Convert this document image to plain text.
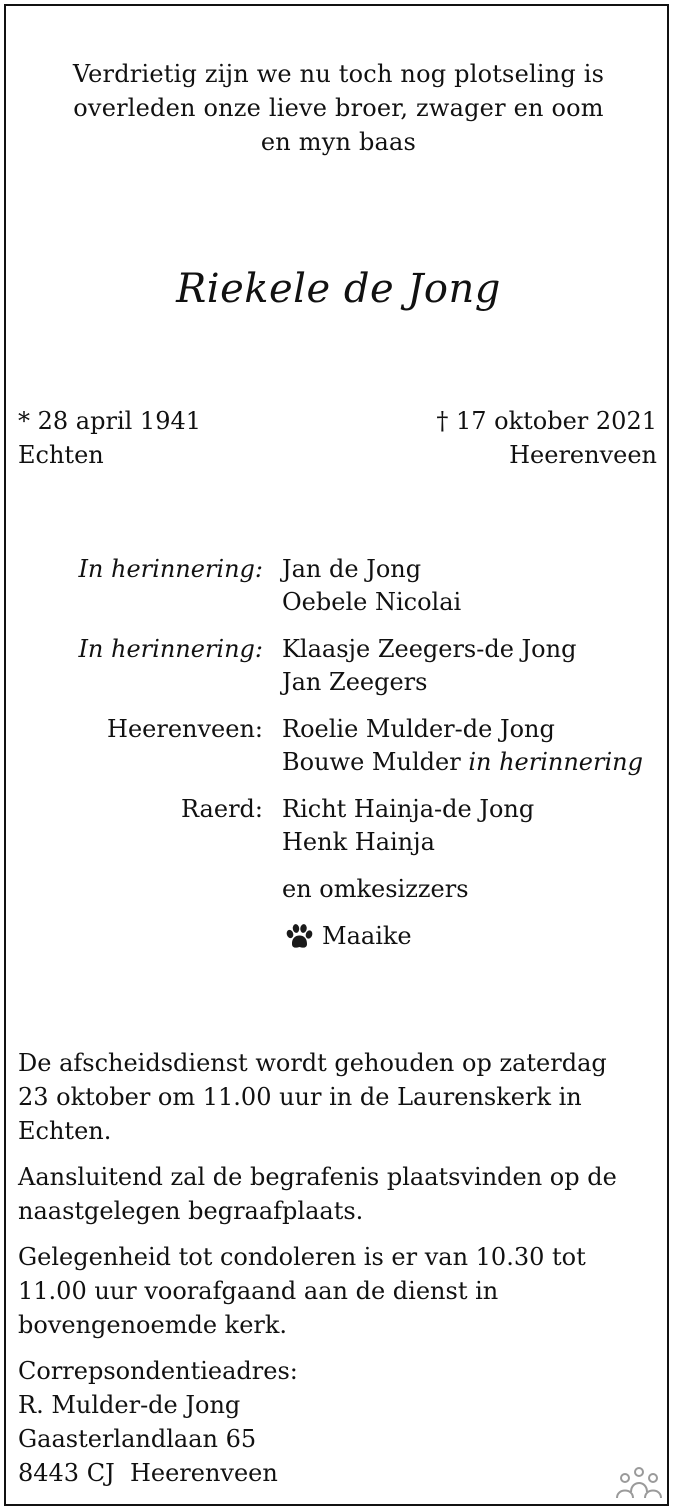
Verdrietig zijn we nu toch nog plotseling is
overleden onze lieve broer, zwager en oom
en myn baas
Riekele de Jong
* 28 april 1941
Echten
† 17 oktober 2021
Heerenveen
In herinnering: Jan de Jong
Oebele Nicolai
In herinnering: Klaasje Zeegers-de Jong
Jan Zeegers
Heerenveen: Roelie Mulder-de Jong
Bouwe Mulder in herinnering
Raerd: Richt Hainja-de Jong
Henk Hainja
en omkesizzers
Maaike

De afscheidsdienst wordt gehouden op zaterdag
23 oktober om 11.00 uur in de Laurenskerk in
Echten.

Aansluitend zal de begrafenis plaatsvinden op de
naastgelegen begraafplaats.

Gelegenheid tot condoleren is er van 10.30 tot
11.00 uur voorafgaand aan de dienst in
bovengenoemde kerk.

Correpsondentieadres:
R. Mulder-de Jong
Gaasterlandlaan 65
8443 CJ  Heerenveen
